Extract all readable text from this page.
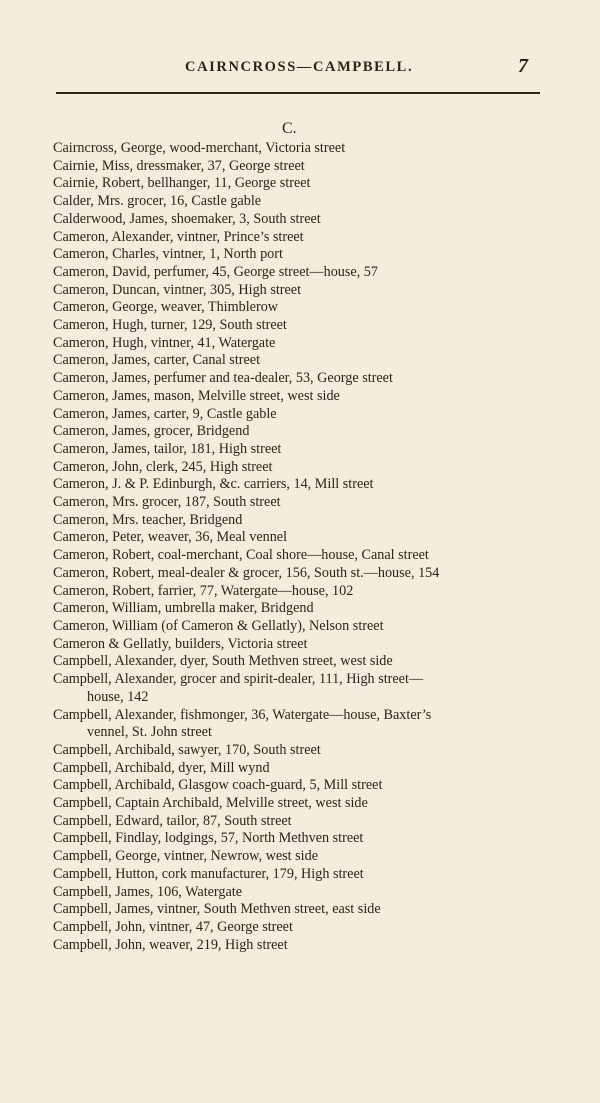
CAIRNCROSS—CAMPBELL.	7
C.
Cairncross, George, wood-merchant, Victoria street
Cairnie, Miss, dressmaker, 37, George street
Cairnie, Robert, bellhanger, 11, George street
Calder, Mrs. grocer, 16, Castle gable
Calderwood, James, shoemaker, 3, South street
Cameron, Alexander, vintner, Prince’s street
Cameron, Charles, vintner, 1, North port
Cameron, David, perfumer, 45, George street—house, 57
Cameron, Duncan, vintner, 305, High street
Cameron, George, weaver, Thimblerow
Cameron, Hugh, turner, 129, South street
Cameron, Hugh, vintner, 41, Watergate
Cameron, James, carter, Canal street
Cameron, James, perfumer and tea-dealer, 53, George street
Cameron, James, mason, Melville street, west side
Cameron, James, carter, 9, Castle gable
Cameron, James, grocer, Bridgend
Cameron, James, tailor, 181, High street
Cameron, John, clerk, 245, High street
Cameron, J. & P. Edinburgh, &c. carriers, 14, Mill street
Cameron, Mrs. grocer, 187, South street
Cameron, Mrs. teacher, Bridgend
Cameron, Peter, weaver, 36, Meal vennel
Cameron, Robert, coal-merchant, Coal shore—house, Canal street
Cameron, Robert, meal-dealer & grocer, 156, South st.—house, 154
Cameron, Robert, farrier, 77, Watergate—house, 102
Cameron, William, umbrella maker, Bridgend
Cameron, William (of Cameron & Gellatly), Nelson street
Cameron & Gellatly, builders, Victoria street
Campbell, Alexander, dyer, South Methven street, west side
Campbell, Alexander, grocer and spirit-dealer, 111, High street—
house, 142
Campbell, Alexander, fishmonger, 36, Watergate—house, Baxter’s
vennel, St. John street
Campbell, Archibald, sawyer, 170, South street
Campbell, Archibald, dyer, Mill wynd
Campbell, Archibald, Glasgow coach-guard, 5, Mill street
Campbell, Captain Archibald, Melville street, west side
Campbell, Edward, tailor, 87, South street
Campbell, Findlay, lodgings, 57, North Methven street
Campbell, George, vintner, Newrow, west side
Campbell, Hutton, cork manufacturer, 179, High street
Campbell, James, 106, Watergate
Campbell, James, vintner, South Methven street, east side
Campbell, John, vintner, 47, George street
Campbell, John, weaver, 219, High street
